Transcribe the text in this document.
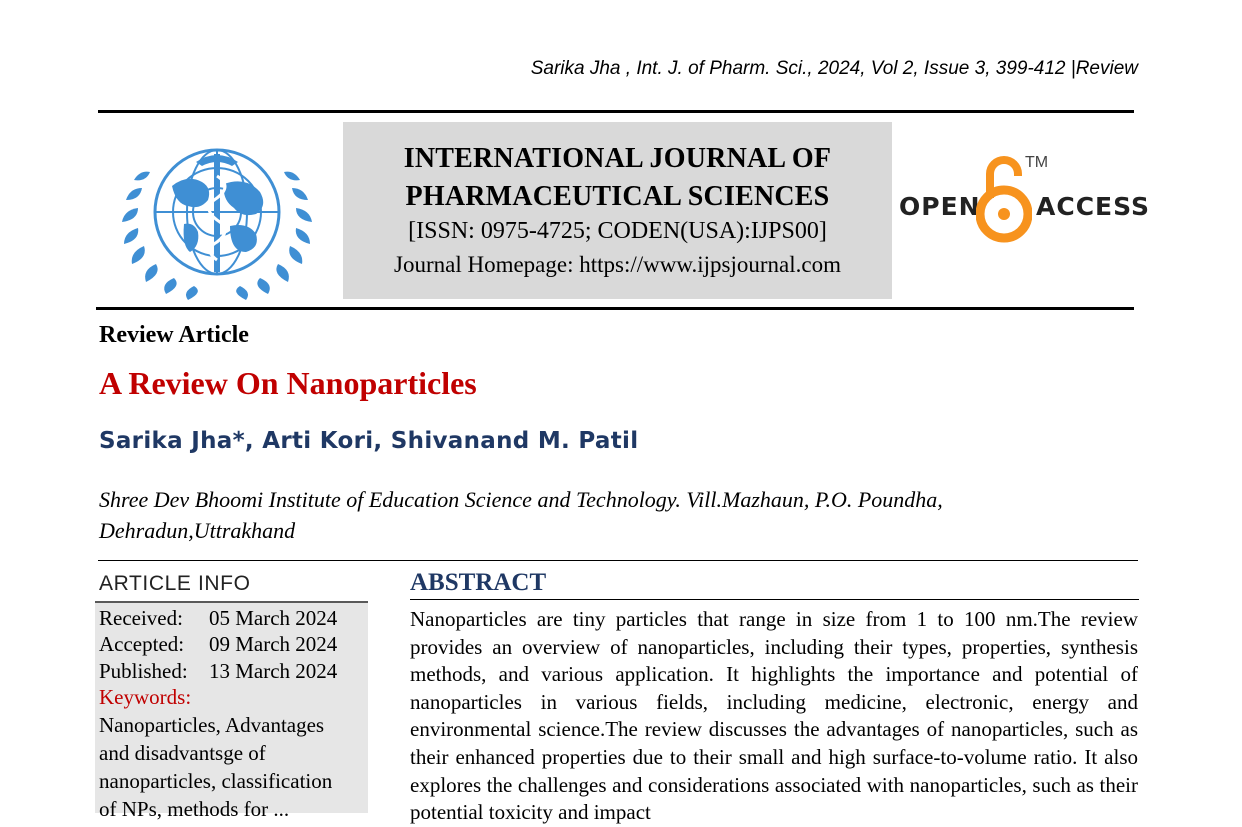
Sarika Jha , Int. J. of Pharm. Sci., 2024, Vol 2, Issue 3, 399-412 |Review
INTERNATIONAL JOURNAL OF
PHARMACEUTICAL SCIENCES
[ISSN: 0975-4725; CODEN(USA):IJPS00]
Journal Homepage: https://www.ijpsjournal.com
OPEN
TM
ACCESS
Review Article
A Review On Nanoparticles
Sarika Jha*, Arti Kori, Shivanand M. Patil
Shree Dev Bhoomi Institute of Education Science and Technology. Vill.Mazhaun, P.O. Poundha,
Dehradun,Uttrakhand
ARTICLE INFO
Received: 05 March 2024
Accepted: 09 March 2024
Published: 13 March 2024
Keywords:
Nanoparticles, Advantages and disadvantsge of nanoparticles, classification of NPs, methods for ...
ABSTRACT
Nanoparticles are tiny particles that range in size from 1 to 100 nm.The review provides an overview of nanoparticles, including their types, properties, synthesis methods, and various application. It highlights the importance and potential of nanoparticles in various fields, including medicine, electronic, energy and environmental science.The review discusses the advantages of nanoparticles, such as their enhanced properties due to their small and high surface-to-volume ratio. It also explores the challenges and considerations associated with nanoparticles, such as their potential toxicity and impact
